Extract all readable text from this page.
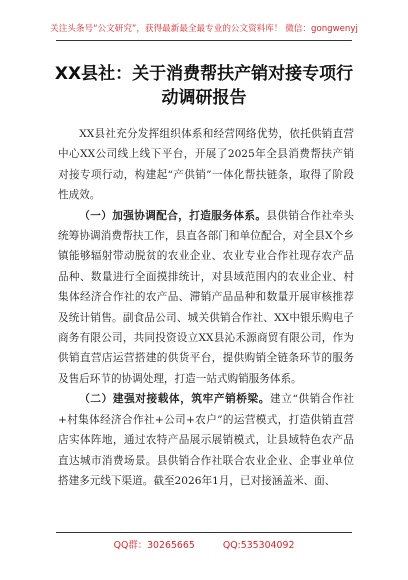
关注头条号“公文研究”，获得最新最全最专业的公文资料库！ 微信：gongwenyj
XX县社：关于消费帮扶产销对接专项行
动调研报告

XX县社充分发挥组织体系和经营网络优势，依托供销直营中心XX公司线上线下平台，开展了2025年全县消费帮扶产销对接专项行动，构建起“产供销”一体化帮扶链条，取得了阶段性成效。

（一）加强协调配合，打造服务体系。县供销合作社牵头统筹协调消费帮扶工作，县直各部门和单位配合，对全县X个乡镇能够辐射带动脱贫的农业企业、农业专业合作社现存农产品品种、数量进行全面摸排统计，对县域范围内的农业企业、村集体经济合作社的农产品、滞销产品品种和数量开展审核推荐及统计销售。副食品公司、城关供销合作社、XX中银乐购电子商务有限公司，共同投资设立XX县沁禾源商贸有限公司，作为供销直营店运营搭建的供货平台，提供购销全链条环节的服务及售后环节的协调处理，打造一站式购销服务体系。

（二）建强对接载体，筑牢产销桥梁。建立“供销合作社+村集体经济合作社+公司+农户”的运营模式，打造供销直营店实体阵地，通过农特产品展示展销模式，让县域特色农产品直达城市消费场景。县供销合作社联合农业企业、企事业单位搭建多元线下渠道。截至2026年1月，已对接涵盖米、面、

QQ群：30265665	QQ:535304092
